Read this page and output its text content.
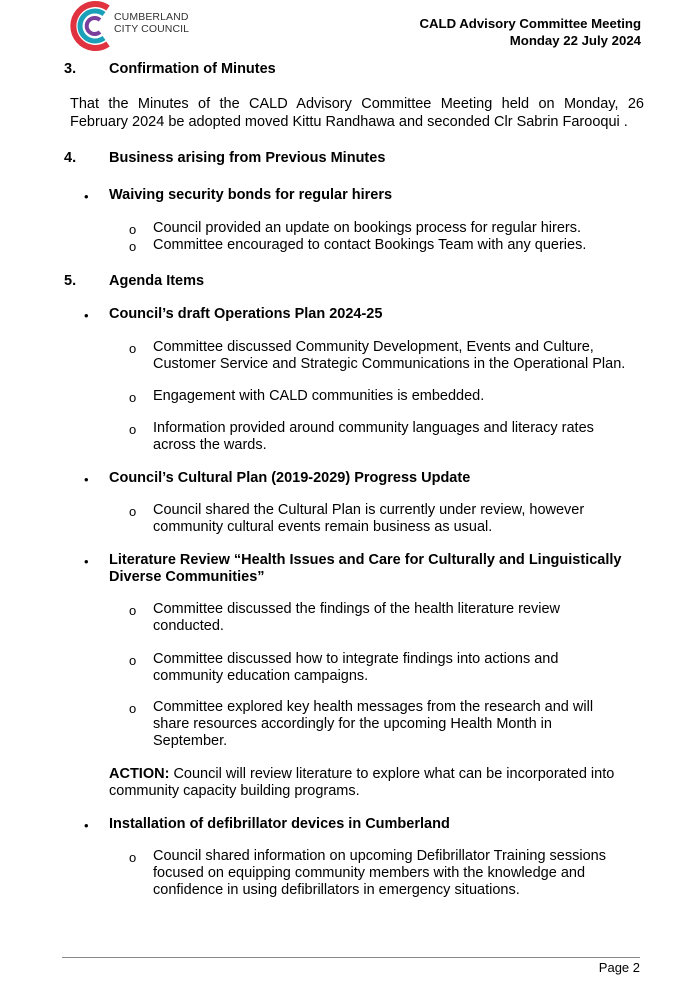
CUMBERLAND
CITY COUNCIL	CALD Advisory Committee Meeting
Monday 22 July 2024
3. Confirmation of Minutes
That the Minutes of the CALD Advisory Committee Meeting held on Monday, 26
February 2024 be adopted moved Kittu Randhawa and seconded Clr Sabrin Farooqui .
4. Business arising from Previous Minutes
• Waiving security bonds for regular hirers
o Council provided an update on bookings process for regular hirers.
o Committee encouraged to contact Bookings Team with any queries.
5. Agenda Items
• Council’s draft Operations Plan 2024-25
o Committee discussed Community Development, Events and Culture,
Customer Service and Strategic Communications in the Operational Plan.
o Engagement with CALD communities is embedded.
o Information provided around community languages and literacy rates
across the wards.
• Council’s Cultural Plan (2019-2029) Progress Update
o Council shared the Cultural Plan is currently under review, however
community cultural events remain business as usual.
• Literature Review “Health Issues and Care for Culturally and Linguistically
Diverse Communities”
o Committee discussed the findings of the health literature review
conducted.
o Committee discussed how to integrate findings into actions and
community education campaigns.
o Committee explored key health messages from the research and will
share resources accordingly for the upcoming Health Month in
September.
ACTION: Council will review literature to explore what can be incorporated into
community capacity building programs.
• Installation of defibrillator devices in Cumberland
o Council shared information on upcoming Defibrillator Training sessions
focused on equipping community members with the knowledge and
confidence in using defibrillators in emergency situations.
Page 2
